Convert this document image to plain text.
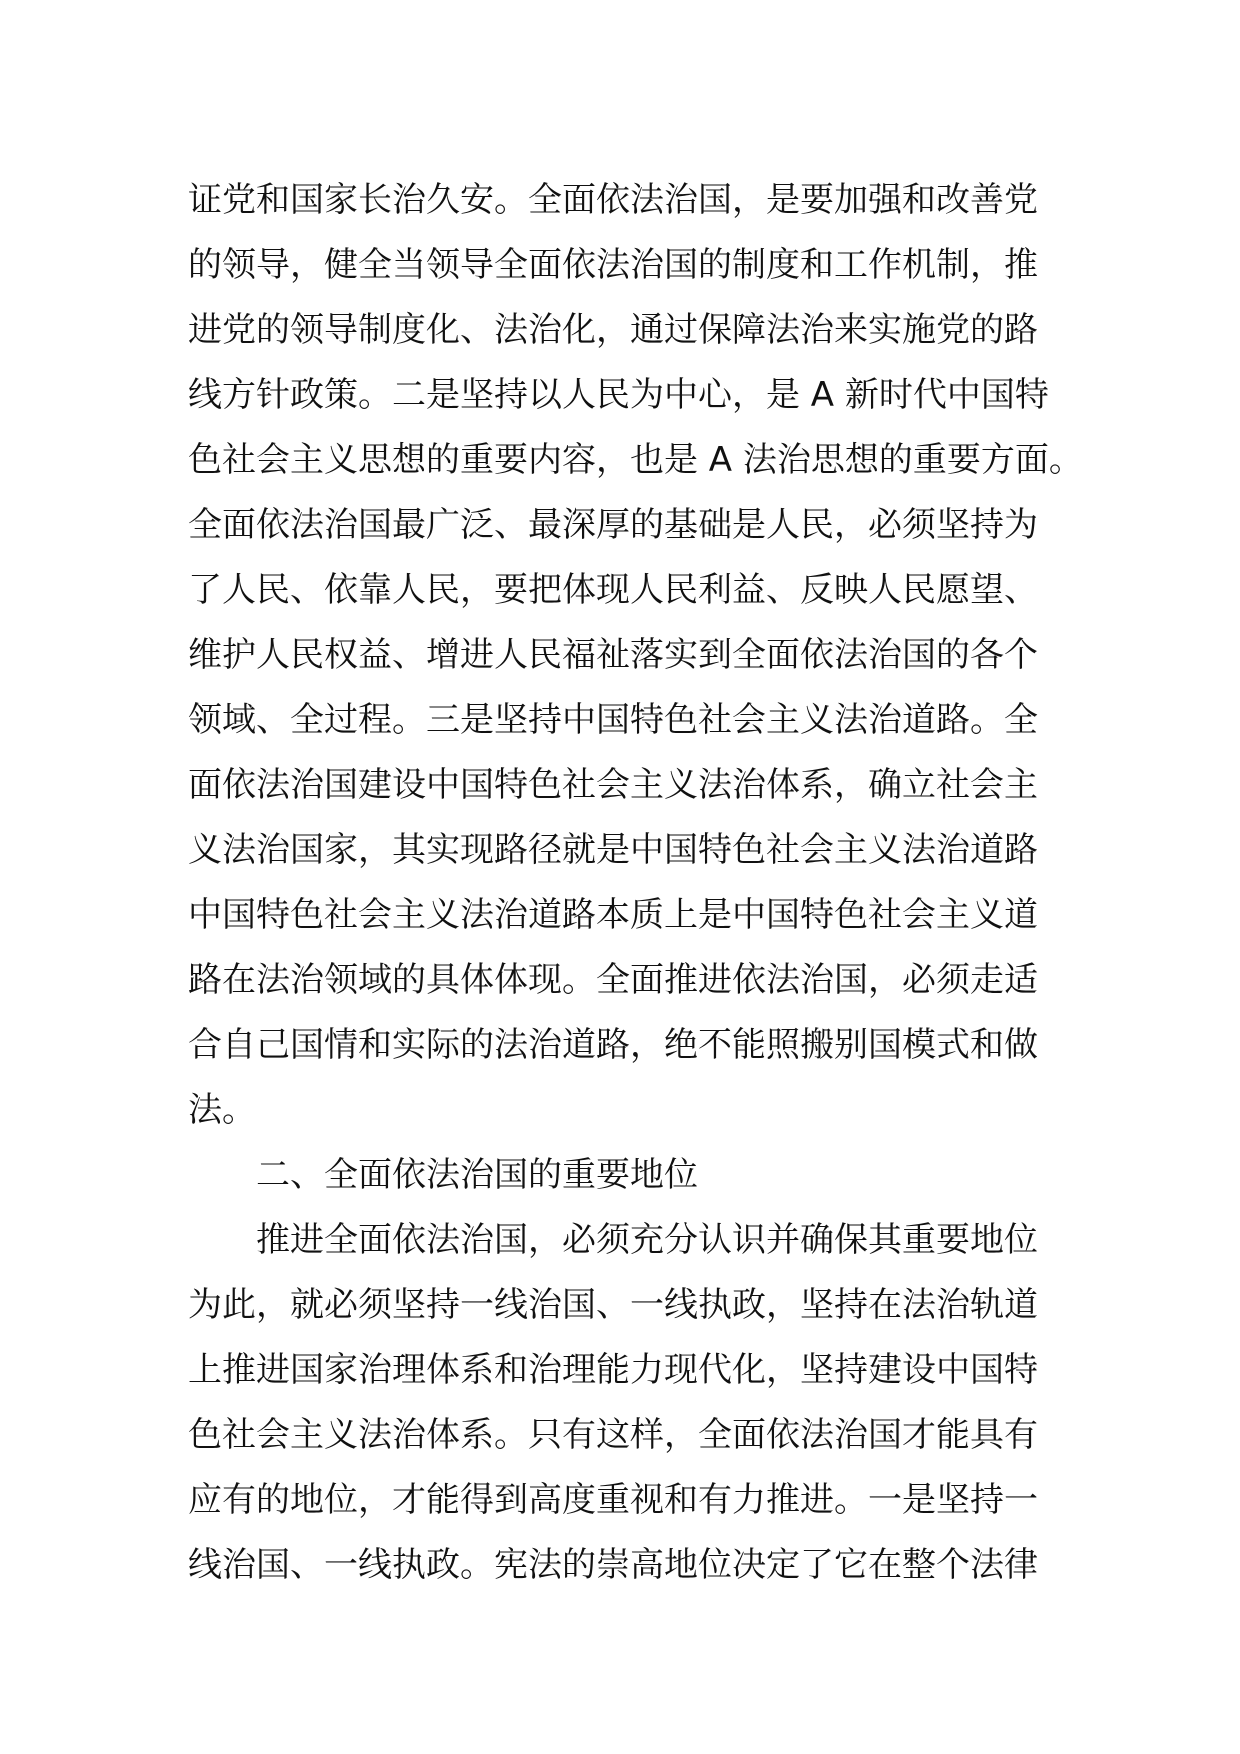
证党和国家长治久安。全面依法治国，是要加强和改善党
的领导，健全当领导全面依法治国的制度和工作机制，推
进党的领导制度化、法治化，通过保障法治来实施党的路
线方针政策。二是坚持以人民为中心，是 A 新时代中国特
色社会主义思想的重要内容，也是 A 法治思想的重要方面。
全面依法治国最广泛、最深厚的基础是人民，必须坚持为
了人民、依靠人民，要把体现人民利益、反映人民愿望、
维护人民权益、增进人民福祉落实到全面依法治国的各个
领域、全过程。三是坚持中国特色社会主义法治道路。全
面依法治国建设中国特色社会主义法治体系，确立社会主
义法治国家，其实现路径就是中国特色社会主义法治道路
中国特色社会主义法治道路本质上是中国特色社会主义道
路在法治领域的具体体现。全面推进依法治国，必须走适
合自己国情和实际的法治道路，绝不能照搬别国模式和做
法。
二、全面依法治国的重要地位
推进全面依法治国，必须充分认识并确保其重要地位
为此，就必须坚持一线治国、一线执政，坚持在法治轨道
上推进国家治理体系和治理能力现代化，坚持建设中国特
色社会主义法治体系。只有这样，全面依法治国才能具有
应有的地位，才能得到高度重视和有力推进。一是坚持一
线治国、一线执政。宪法的崇高地位决定了它在整个法律
